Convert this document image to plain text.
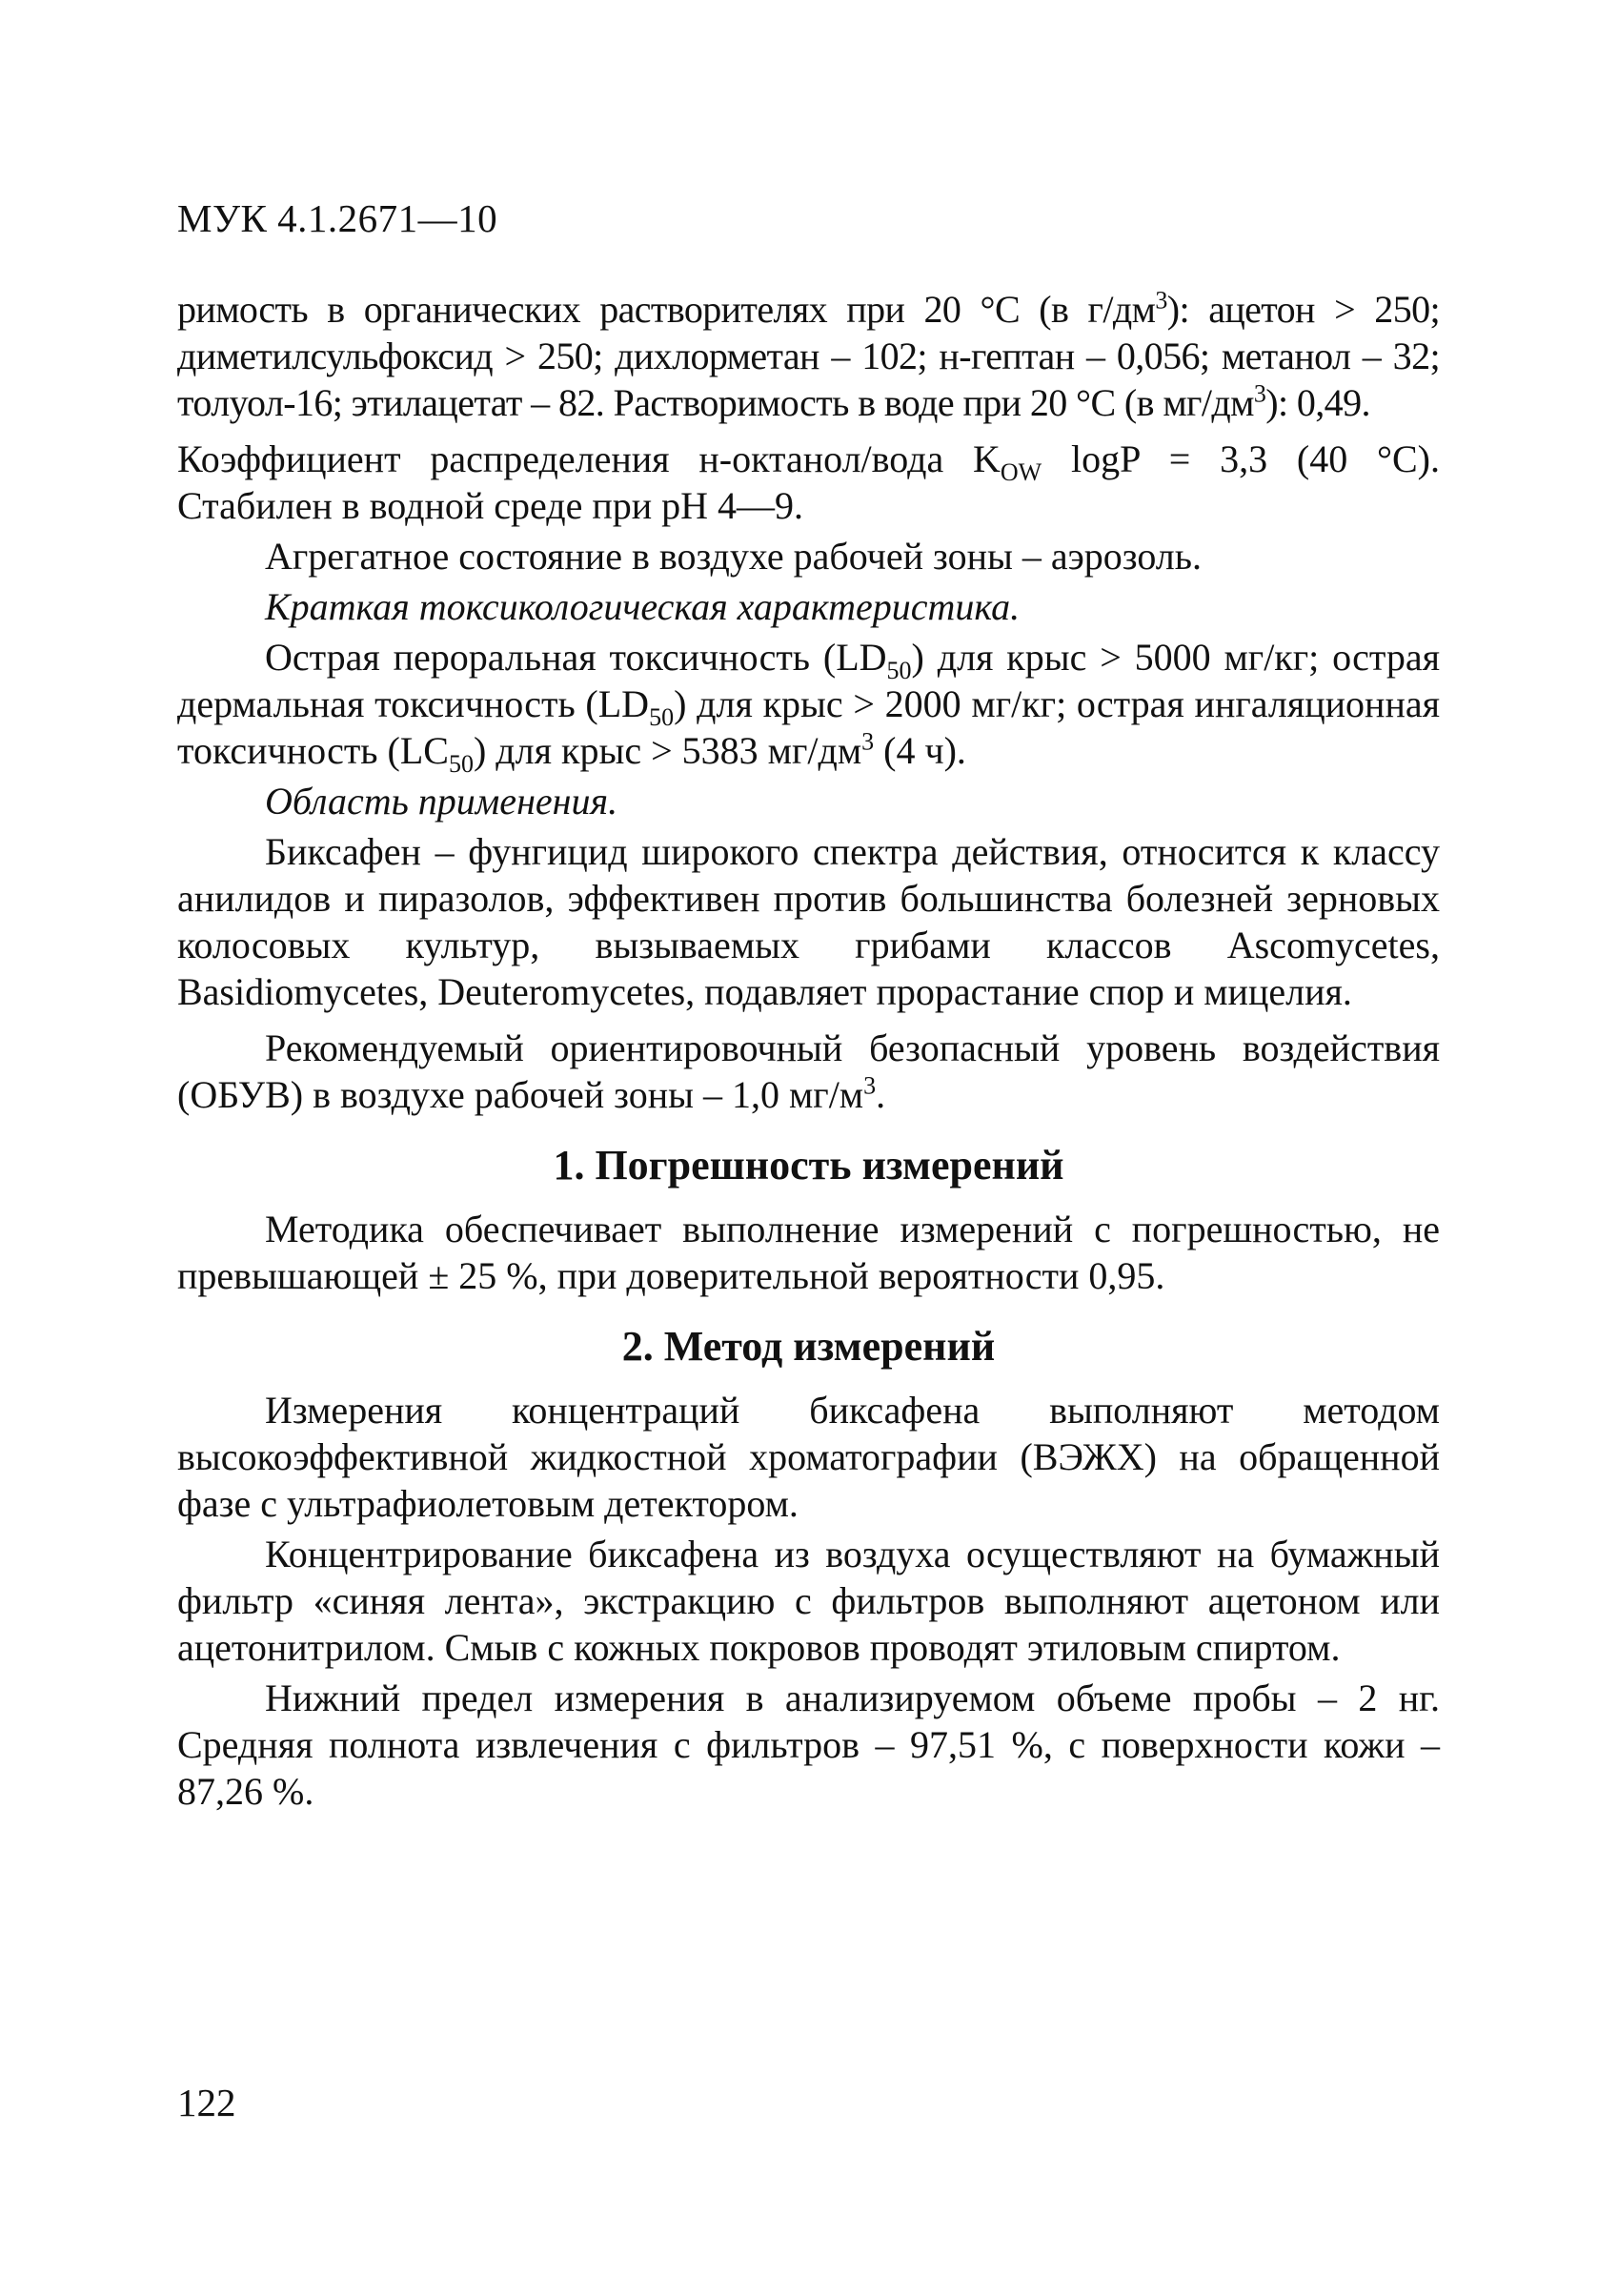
МУК 4.1.2671—10

римость в органических растворителях при 20 °С (в $г/дм^3$): ацетон > 250; диметилсульфоксид > 250; дихлорметан – 102; н-гептан – 0,056; метанол – 32; толуол-16; этилацетат – 82. Растворимость в воде при 20 °С (в $мг/дм^3$): 0,49.

Коэффициент распределения н-октанол/вода $K_{OW}$ logP = 3,3 (40 °С). Стабилен в водной среде при pH 4—9.

Агрегатное состояние в воздухе рабочей зоны – аэрозоль.

Краткая токсикологическая характеристика.

Острая пероральная токсичность $(LD_{50})$ для крыс > 5000 мг/кг; острая дермальная токсичность $(LD_{50})$ для крыс > 2000 мг/кг; острая ингаляционная токсичность $(LC_{50})$ для крыс > 5383 $мг/дм^3$ (4 ч).

Область применения.

Биксафен – фунгицид широкого спектра действия, относится к классу анилидов и пиразолов, эффективен против большинства болезней зерновых колосовых культур, вызываемых грибами классов Ascomycetes, Basidiomycetes, Deuteromycetes, подавляет прорастание спор и мицелия.

Рекомендуемый ориентировочный безопасный уровень воздействия (ОБУВ) в воздухе рабочей зоны – 1,0 $мг/м^3$.

1. Погрешность измерений

Методика обеспечивает выполнение измерений с погрешностью, не превышающей ± 25 %, при доверительной вероятности 0,95.

2. Метод измерений

Измерения концентраций биксафена выполняют методом высокоэффективной жидкостной хроматографии (ВЭЖХ) на обращенной фазе с ультрафиолетовым детектором.

Концентрирование биксафена из воздуха осуществляют на бумажный фильтр «синяя лента», экстракцию с фильтров выполняют ацетоном или ацетонитрилом. Смыв с кожных покровов проводят этиловым спиртом.

Нижний предел измерения в анализируемом объеме пробы – 2 нг. Средняя полнота извлечения с фильтров – 97,51 %, с поверхности кожи – 87,26 %.

122
